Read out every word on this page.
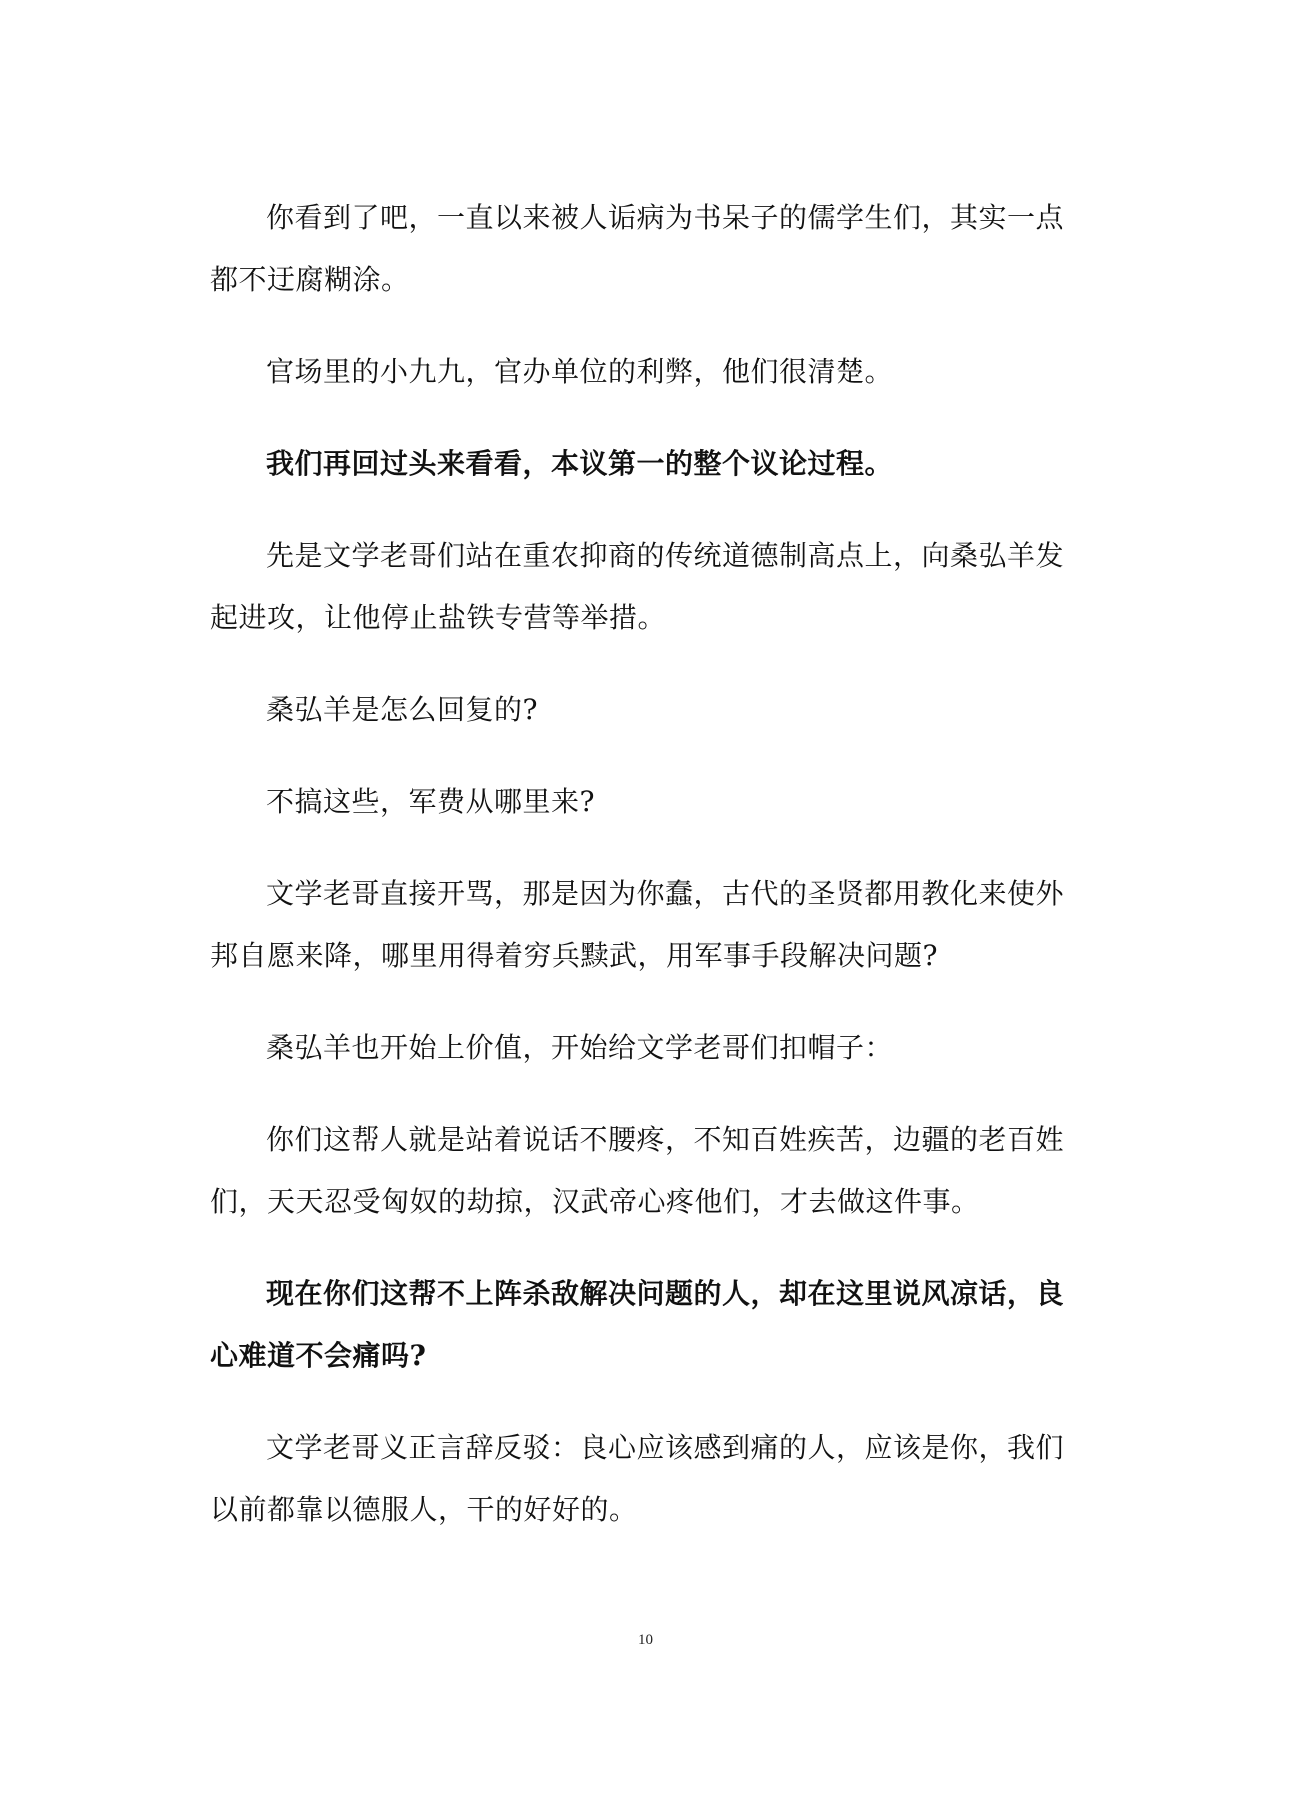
你看到了吧，一直以来被人诟病为书呆子的儒学生们，其实一点都不迂腐糊涂。

官场里的小九九，官办单位的利弊，他们很清楚。

我们再回过头来看看，本议第一的整个议论过程。

先是文学老哥们站在重农抑商的传统道德制高点上，向桑弘羊发起进攻，让他停止盐铁专营等举措。

桑弘羊是怎么回复的?

不搞这些，军费从哪里来?

文学老哥直接开骂，那是因为你蠢，古代的圣贤都用教化来使外邦自愿来降，哪里用得着穷兵黩武，用军事手段解决问题?

桑弘羊也开始上价值，开始给文学老哥们扣帽子：

你们这帮人就是站着说话不腰疼，不知百姓疾苦，边疆的老百姓们，天天忍受匈奴的劫掠，汉武帝心疼他们，才去做这件事。

现在你们这帮不上阵杀敌解决问题的人，却在这里说风凉话，良心难道不会痛吗?

文学老哥义正言辞反驳：良心应该感到痛的人，应该是你，我们以前都靠以德服人，干的好好的。

10
